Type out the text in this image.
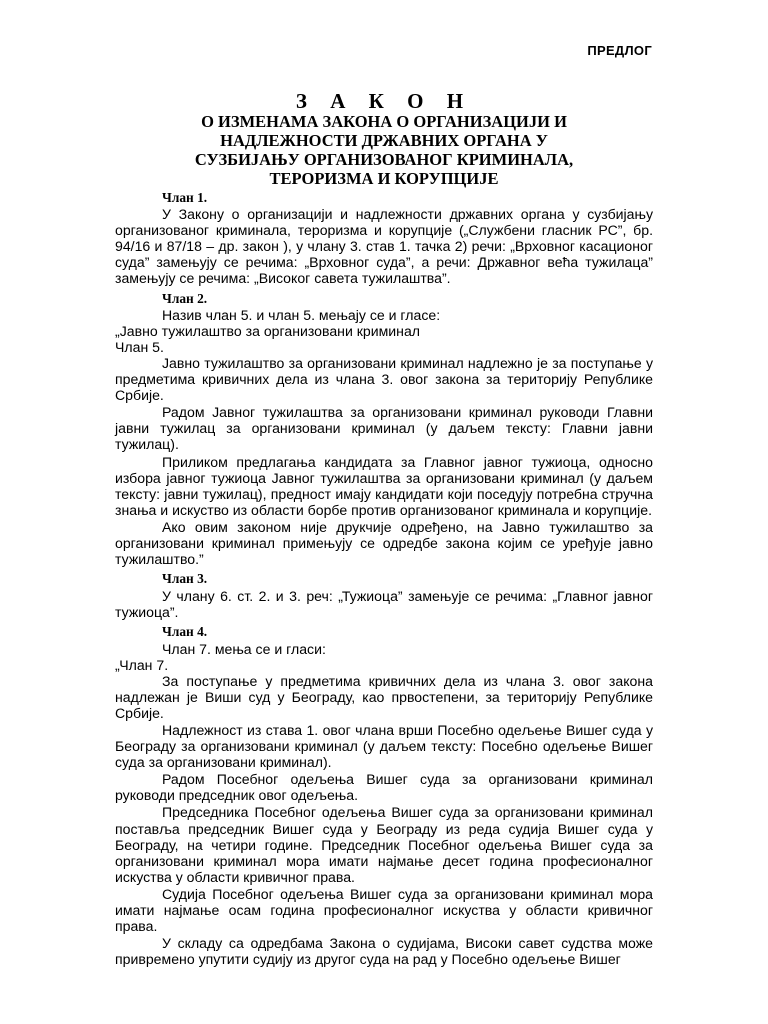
ПРЕДЛОГ
З А К О Н
О ИЗМЕНАМА ЗАКОНА О ОРГАНИЗАЦИЈИ И НАДЛЕЖНОСТИ ДРЖАВНИХ ОРГАНА У СУЗБИЈАЊУ ОРГАНИЗОВАНОГ КРИМИНАЛА, ТЕРОРИЗМА И КОРУПЦИЈЕ

Члан 1.

У Закону о организацији и надлежности државних органа у сузбијању организованог криминала, тероризма и корупције („Службени гласник РС”, бр. 94/16 и 87/18 – др. закон ), у члану 3. став 1. тачка 2) речи: „Врховног касационог суда” замењују се речима: „Врховног суда”, а речи: Државног већа тужилаца” замењују се речима: „Високог савета тужилаштва”.

Члан 2.

Назив члан 5. и члан 5. мењају се и гласе:

„Јавно тужилаштво за организовани криминал

Члан 5.

Јавно тужилаштво за организовани криминал надлежно је за поступање у предметима кривичних дела из члана 3. овог закона за територију Републике Србије.

Радом Јавног тужилаштва за организовани криминал руководи Главни јавни тужилац за организовани криминал (у даљем тексту: Главни јавни тужилац).

Приликом предлагања кандидата за Главног јавног тужиоца, односно избора јавног тужиоца Јавног тужилаштва за организовани криминал (у даљем тексту: јавни тужилац), предност имају кандидати који поседују потребна стручна знања и искуство из области борбе против организованог криминала и корупције.

Ако овим законом није друкчије одређено, на Јавно тужилаштво за организовани криминал примењују се одредбе закона којим се уређује јавно тужилаштво.”

Члан 3.

У члану 6. ст. 2. и 3. реч: „Тужиоца” замењује се речима: „Главног јавног тужиоца”.

Члан 4.

Члан 7. мења се и гласи:

„Члан 7.

За поступање у предметима кривичних дела из члана 3. овог закона надлежан је Виши суд у Београду, као првостепени, за територију Републике Србије.

Надлежност из става 1. овог члана врши Посебно одељење Вишег суда у Београду за организовани криминал (у даљем тексту: Посебно одељење Вишег суда за организовани криминал).

Радом Посебног одељења Вишег суда за организовани криминал руководи председник овог одељења.

Председника Посебног одељења Вишег суда за организовани криминал поставља председник Вишег суда у Београду из реда судија Вишег суда у Београду, на четири године. Председник Посебног одељења Вишег суда за организовани криминал мора имати најмање десет година професионалног искуства у области кривичног права.

Судија Посебног одељења Вишег суда за организовани криминал мора имати најмање осам година професионалног искуства у области кривичног права.

У складу са одредбама Закона о судијама, Високи савет судства може привремено упутити судију из другог суда на рад у Посебно одељење Вишег
